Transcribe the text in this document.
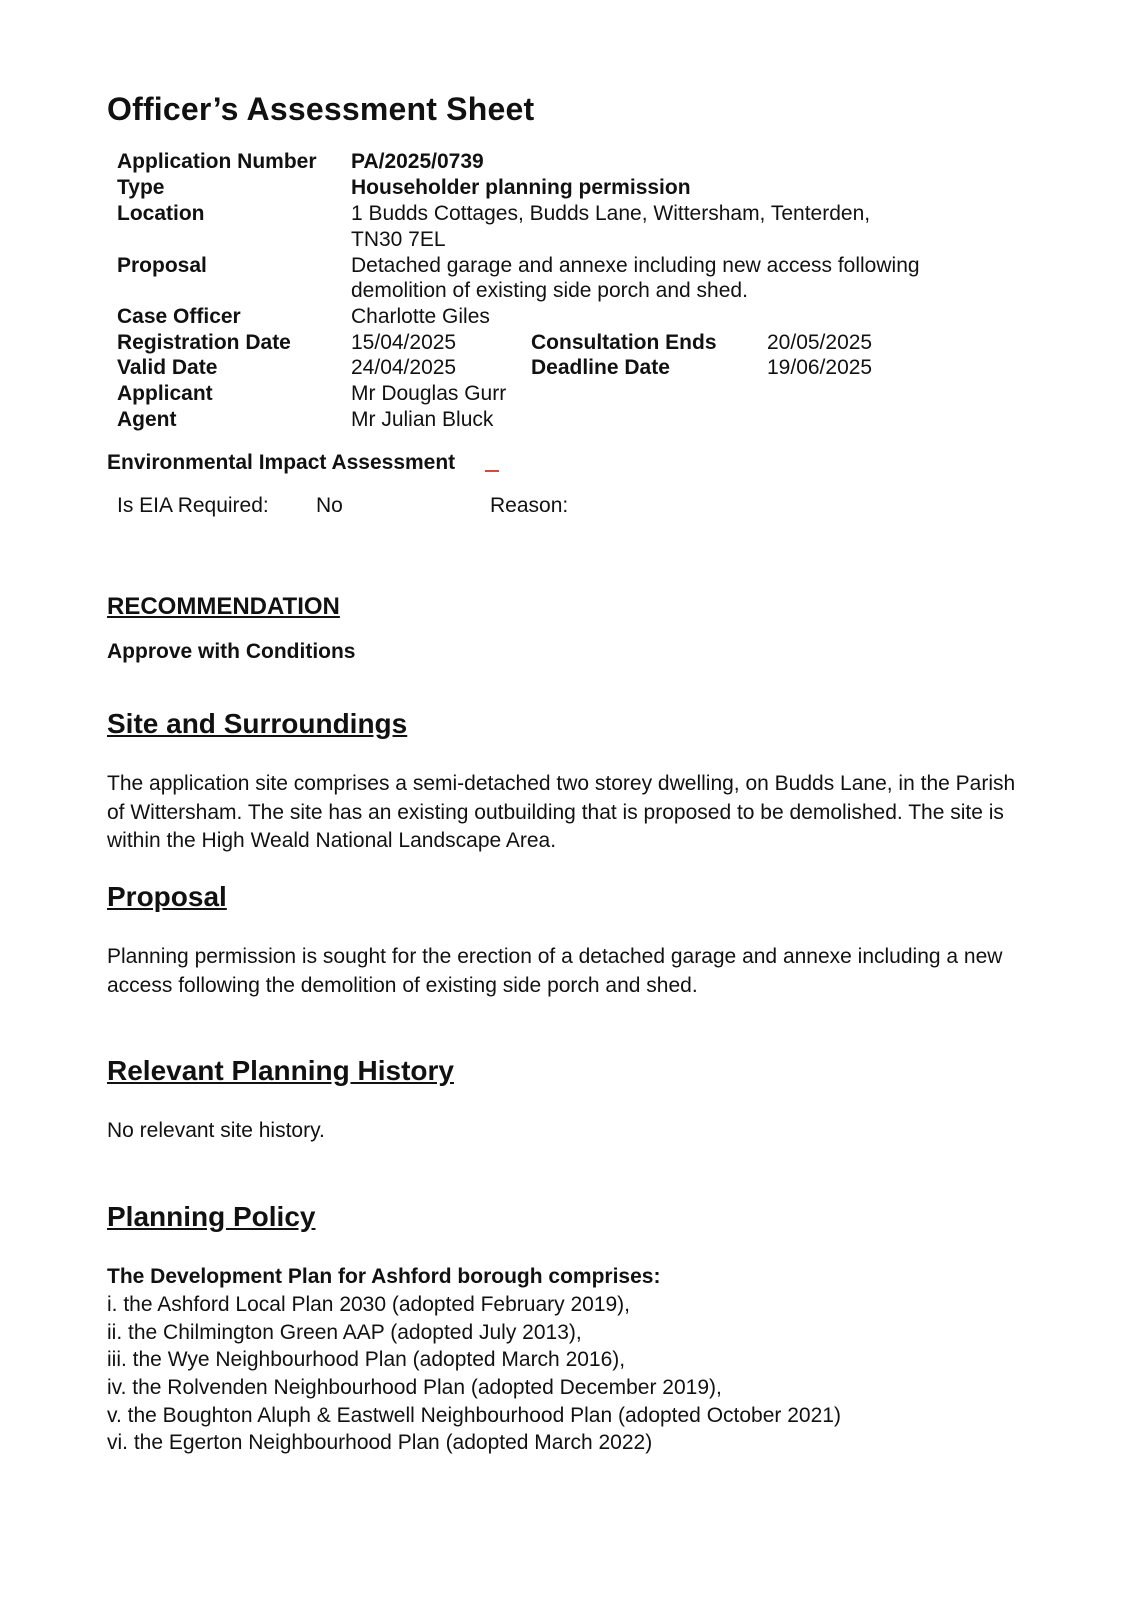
Officer’s Assessment Sheet
Application Number PA/2025/0739
Type	Householder planning permission
Location	1 Budds Cottages, Budds Lane, Wittersham, Tenterden,
TN30 7EL
Proposal	Detached garage and annexe including new access following
demolition of existing side porch and shed.
Case Officer	Charlotte Giles
Registration Date	15/04/2025	Consultation Ends 20/05/2025
Valid Date	24/04/2025	Deadline Date	19/06/2025
Applicant	Mr Douglas Gurr
Agent	Mr Julian Bluck
Environmental Impact Assessment
Is EIA Required: No	Reason:
RECOMMENDATION
Approve with Conditions
Site and Surroundings
The application site comprises a semi-detached two storey dwelling, on Budds Lane, in the Parish of Wittersham. The site has an existing outbuilding that is proposed to be demolished. The site is within the High Weald National Landscape Area.
Proposal
Planning permission is sought for the erection of a detached garage and annexe including a new access following the demolition of existing side porch and shed.
Relevant Planning History
No relevant site history.
Planning Policy
The Development Plan for Ashford borough comprises:
i. the Ashford Local Plan 2030 (adopted February 2019),
ii. the Chilmington Green AAP (adopted July 2013),
iii. the Wye Neighbourhood Plan (adopted March 2016),
iv. the Rolvenden Neighbourhood Plan (adopted December 2019),
v. the Boughton Aluph & Eastwell Neighbourhood Plan (adopted October 2021)
vi. the Egerton Neighbourhood Plan (adopted March 2022)
